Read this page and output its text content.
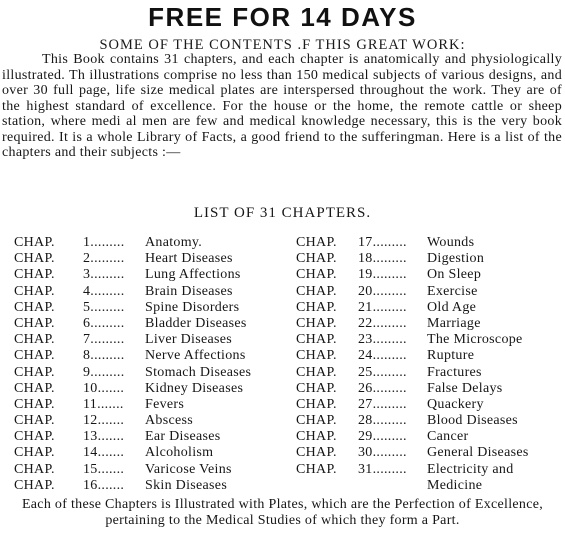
FREE FOR 14 DAYS
SOME OF THE CONTENTS .F THIS GREAT WORK:

This Book contains 31 chapters, and each chapter is anatomically and physiologically illustrated. Th illustrations comprise no less than 150 medical subjects of various designs, and over 30 full page, life size medical plates are interspersed throughout the work. They are of the highest standard of excellence. For the house or the home, the remote cattle or sheep station, where medi al men are few and medical knowledge necessary, this is the very book required. It is a whole Library of Facts, a good friend to the sufferingman. Here is a list of the chapters and their subjects :—

LIST OF 31 CHAPTERS.
CHAP. 1......... Anatomy.
CHAP. 2......... Heart Diseases
CHAP. 3......... Lung Affections
CHAP. 4......... Brain Diseases
CHAP. 5......... Spine Disorders
CHAP. 6......... Bladder Diseases
CHAP. 7......... Liver Diseases
CHAP. 8......... Nerve Affections
CHAP. 9......... Stomach Diseases
CHAP. 10....... Kidney Diseases
CHAP. 11....... Fevers
CHAP. 12....... Abscess
CHAP. 13....... Ear Diseases
CHAP. 14....... Alcoholism
CHAP. 15....... Varicose Veins
CHAP. 16....... Skin Diseases
CHAP. 17......... Wounds
CHAP. 18......... Digestion
CHAP. 19......... On Sleep
CHAP. 20......... Exercise
CHAP. 21......... Old Age
CHAP. 22......... Marriage
CHAP. 23......... The Microscope
CHAP. 24......... Rupture
CHAP. 25......... Fractures
CHAP. 26......... False Delays
CHAP. 27......... Quackery
CHAP. 28......... Blood Diseases
CHAP. 29......... Cancer
CHAP. 30......... General Diseases
CHAP. 31......... Electricity and Medicine
Each of these Chapters is Illustrated with Plates, which are the Perfection of Excellence, pertaining to the Medical Studies of which they form a Part.
